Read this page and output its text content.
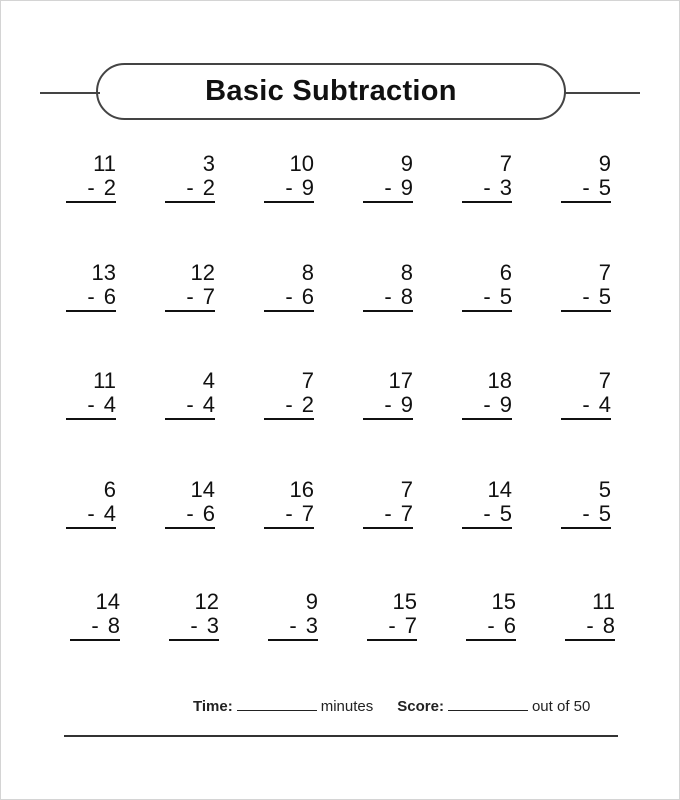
Basic Subtraction
11
- 2
3
- 2
10
- 9
9
- 9
7
- 3
9
- 5
13
- 6
12
- 7
8
- 6
8
- 8
6
- 5
7
- 5
11
- 4
4
- 4
7
- 2
17
- 9
18
- 9
7
- 4
6
- 4
14
- 6
16
- 7
7
- 7
14
- 5
5
- 5
14
- 8
12
- 3
9
- 3
15
- 7
15
- 6
11
- 8
Time:	minutes Score:	out of 50
